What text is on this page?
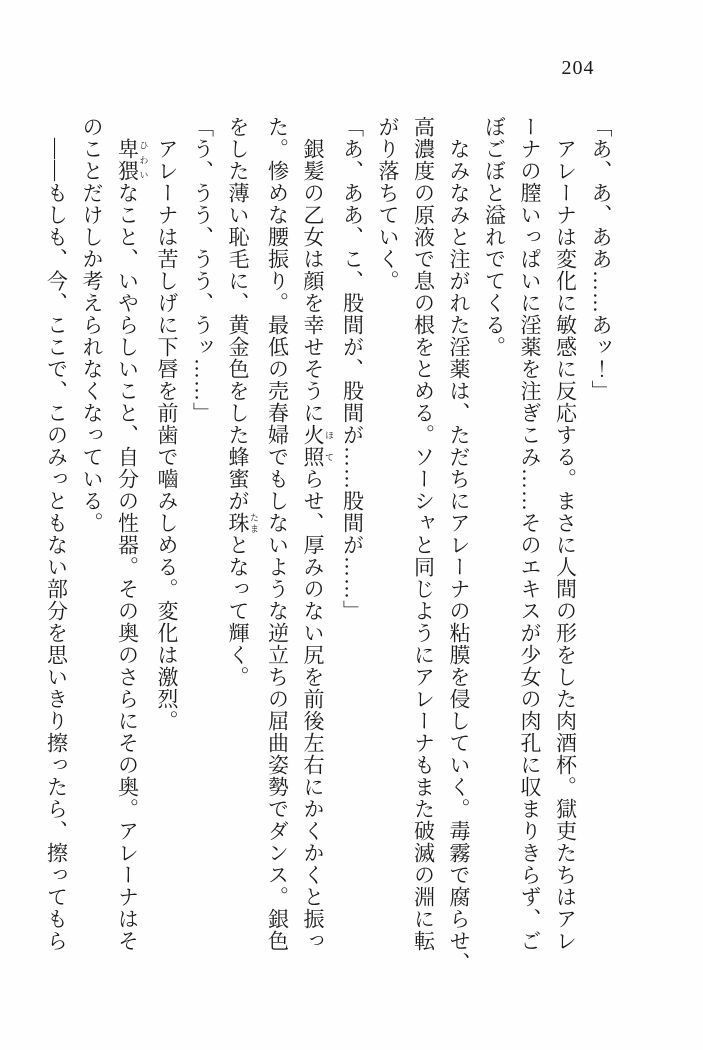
204
「あ、あ、ああ……あッ！」
アレーナは変化に敏感に反応する。まさに人間の形をした肉酒杯。獄吏たちはアレ
ーナの膣いっぱいに淫薬を注ぎこみ……そのエキスが少女の肉孔に収まりきらず、ご
ぼごぼと溢れでてくる。
なみなみと注がれた淫薬は、ただちにアレーナの粘膜を侵していく。毒霧で腐らせ、
高濃度の原液で息の根をとめる。ソーシャと同じようにアレーナもまた破滅の淵に転
がり落ちていく。
「あ、ああ、こ、股間が、股間が……股間が……」
銀髪の乙女は顔を幸せそうに火照 ほてらせ、厚みのない尻を前後左右にかくかくと振っ
た。惨めな腰振り。最低の売春婦でもしないような逆立ちの屈曲姿勢でダンス。銀色
をした薄い恥毛に、黄金色をした蜂蜜が珠 たまとなって輝く。
「う、うう、うう、うッ……」
アレーナは苦しげに下唇を前歯で嚙みしめる。変化は激烈。
卑猥 ひわいなこと、いやらしいこと、自分の性器。その奥のさらにその奥。アレーナはそ
のことだけしか考えられなくなっている。
――もしも、今、ここで、このみっともない部分を思いきり擦ったら、擦ってもら
